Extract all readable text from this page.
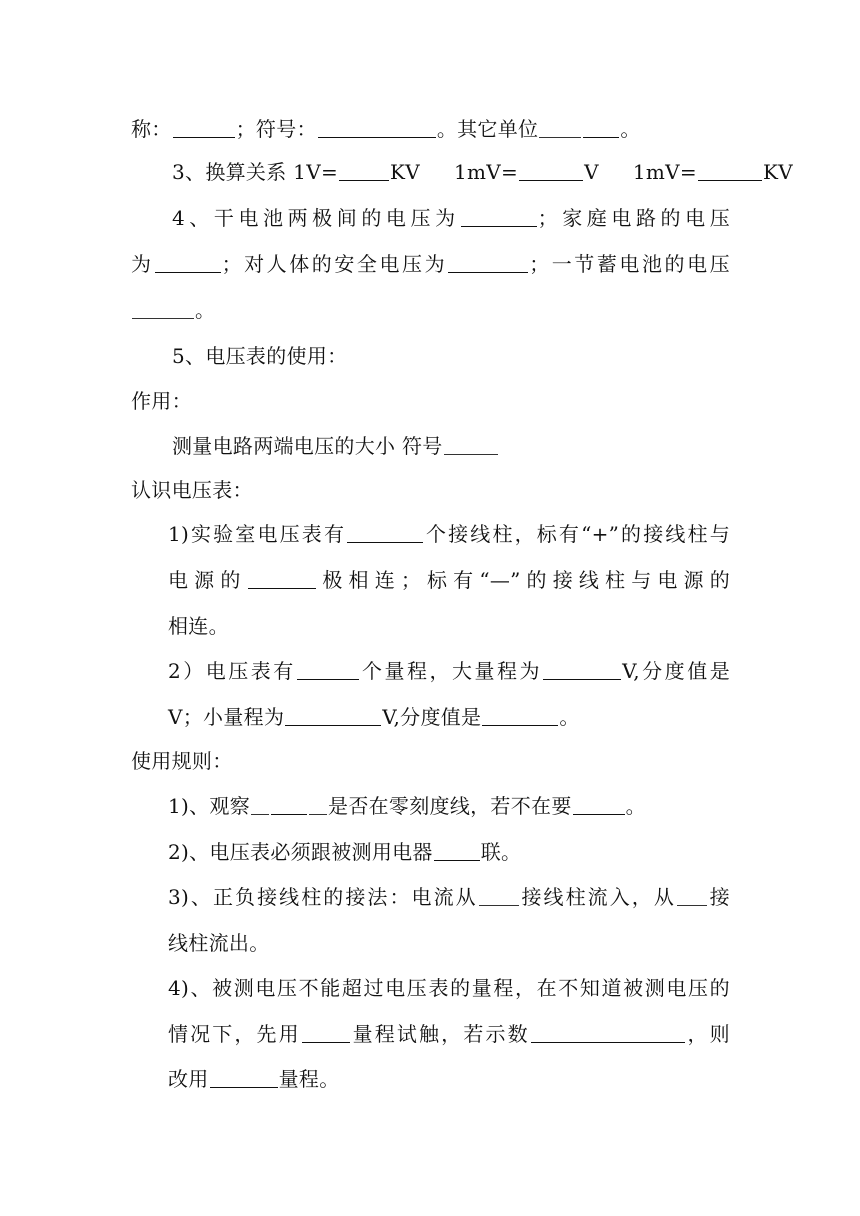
称：	；符号：	。其它单位	。
3、换算关系 1V=	KV 1mV=	V 1mV=	KV
4、干电池两极间的电压为	；家庭电路的电压
为	；对人体的安全电压为	；一节蓄电池的电压
。
5、电压表的使用：
作用：
测量电路两端电压的大小 符号
认识电压表：
1)实验室电压表有	个接线柱，标有“+”的接线柱与
电源的	极相连；标有“—”的接线柱与电源的
相连。
2）电压表有	个量程，大量程为	V,分度值是
V；小量程为	V,分度值是	。
使用规则：
1)、观察	是否在零刻度线，若不在要	。
2)、电压表必须跟被测用电器 联。
3)、正负接线柱的接法：电流从 接线柱流入，从 接
线柱流出。
4)、被测电压不能超过电压表的量程，在不知道被测电压的
情况下，先用	量程试触，若示数	，则
改用	量程。
